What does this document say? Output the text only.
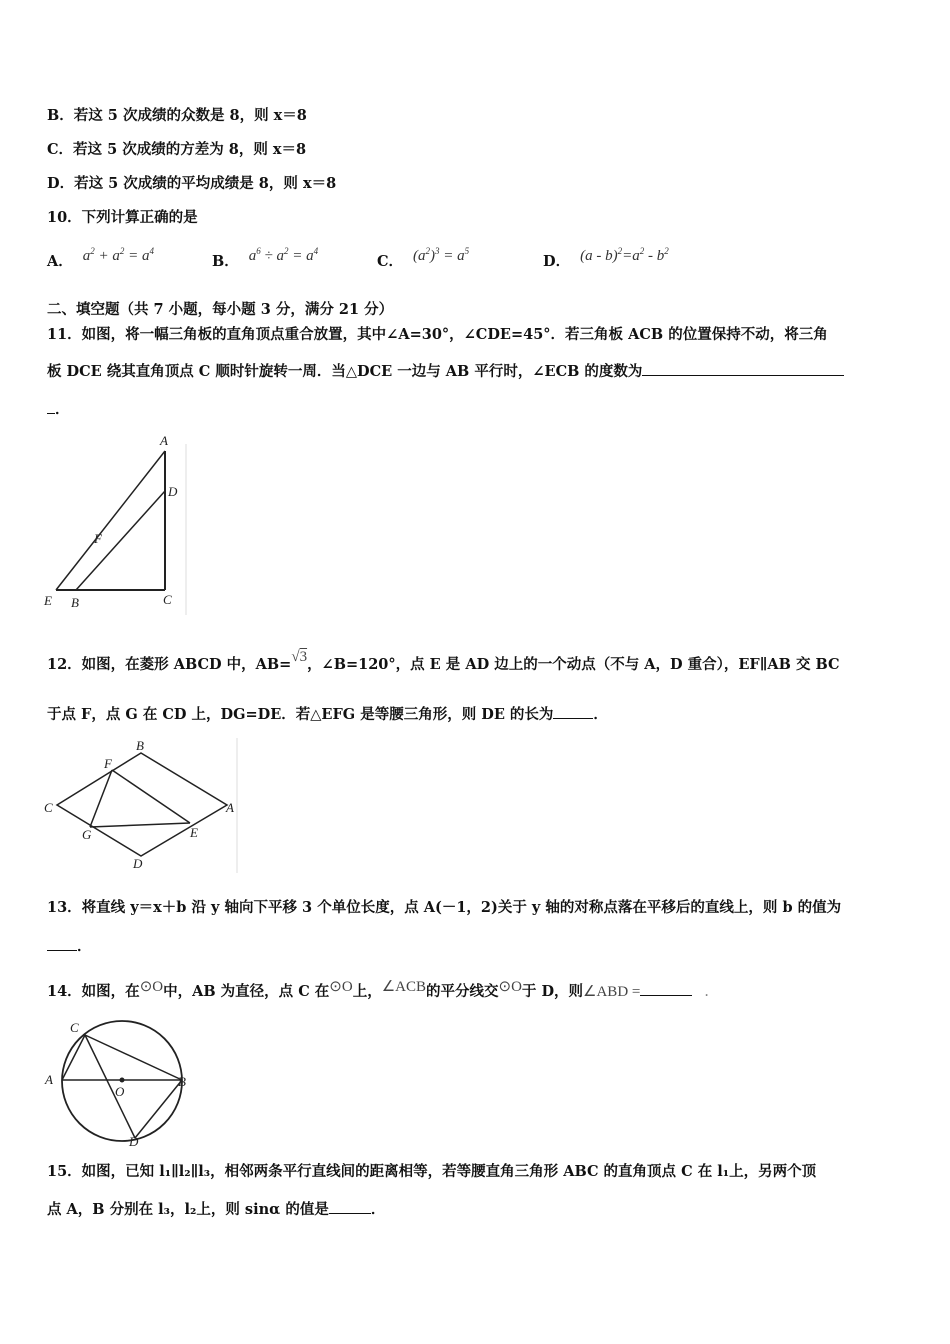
B．若这 5 次成绩的众数是 8，则 x＝8
C．若这 5 次成绩的方差为 8，则 x＝8
D．若这 5 次成绩的平均成绩是 8，则 x＝8
10．下列计算正确的是
A． $a^2 + a^2 = a^4$
B． $a^6 \div a^2 = a^4$
C． $(a^2)^3 = a^5$
D． $(a - b)^2=a^2 - b^2$
二、填空题（共 7 小题，每小题 3 分，满分 21 分）
11．如图，将一幅三角板的直角顶点重合放置，其中∠A=30°，∠CDE=45°．若三角板 ACB 的位置保持不动，将三角
板 DCE 绕其直角顶点 C 顺时针旋转一周．当△DCE 一边与 AB 平行时，∠ECB 的度数为
．
A
D
F
E B	C
12．如图，在菱形 ABCD 中，AB=√3，∠B=120°，点 E 是 AD 边上的一个动点（不与 A，D 重合），EF∥AB 交 BC
于点 F，点 G 在 CD 上，DG=DE．若△EFG 是等腰三角形，则 DE 的长为	．
B
F
C	A
G	E
D
13．将直线 y＝x＋b 沿 y 轴向下平移 3 个单位长度，点 A(－1，2)关于 y 轴的对称点落在平移后的直线上，则 b 的值为
．
14．如图，在⊙O中，AB 为直径，点 C 在⊙O上，∠ACB的平分线交⊙O于 D，则∠ABD =	．
C
A
O
B
D
15．如图，已知 l₁∥l₂∥l₃，相邻两条平行直线间的距离相等，若等腰直角三角形 ABC 的直角顶点 C 在 l₁上，另两个顶
点 A，B 分别在 l₃，l₂上，则 sinα 的值是	．
